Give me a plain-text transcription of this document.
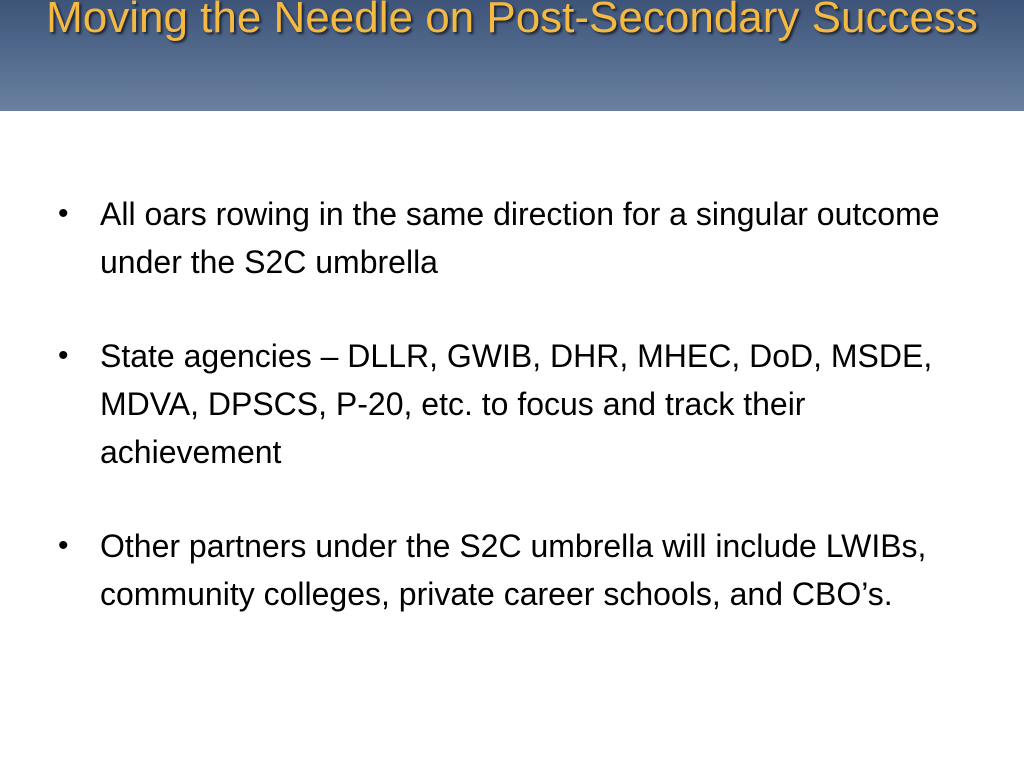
Moving the Needle on Post-Secondary Success
• All oars rowing in the same direction for a singular outcome under the S2C umbrella
• State agencies – DLLR, GWIB, DHR, MHEC, DoD, MSDE, MDVA, DPSCS, P-20, etc. to focus and track their achievement
• Other partners under the S2C umbrella will include LWIBs, community colleges, private career schools, and CBO’s.
